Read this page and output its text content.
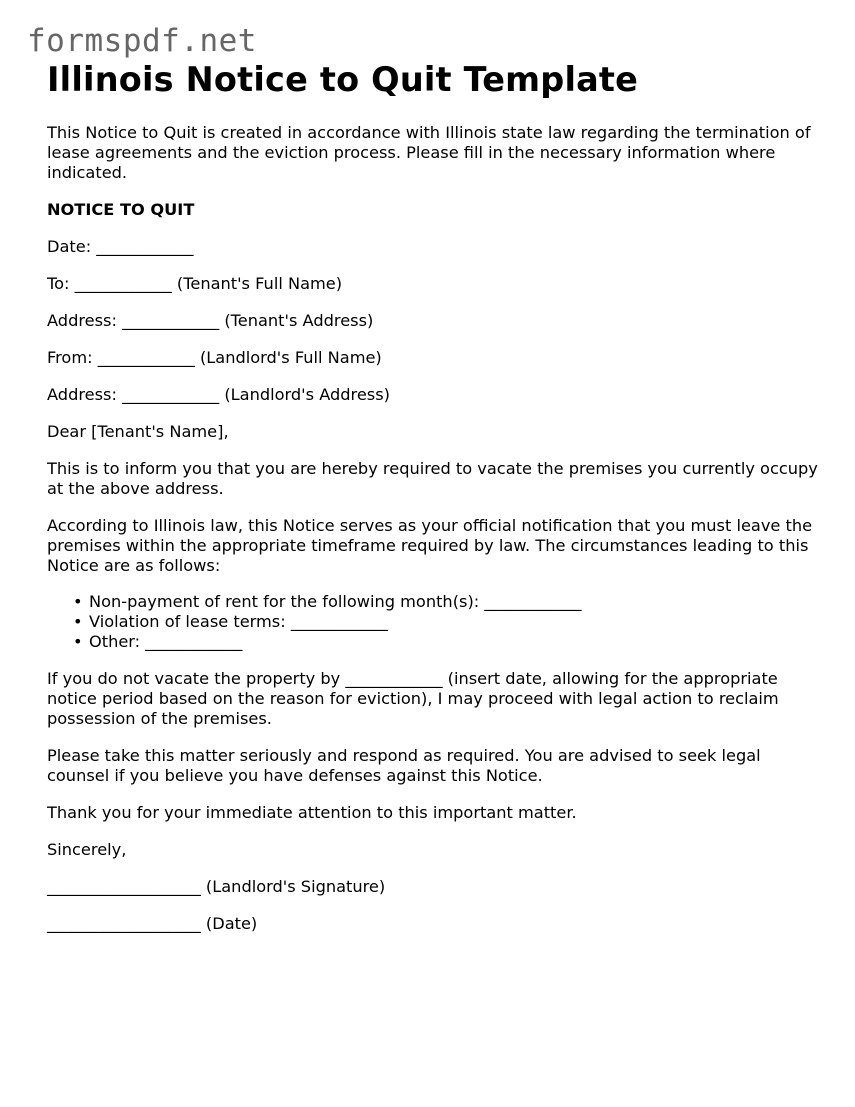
formspdf.net
Illinois Notice to Quit Template

This Notice to Quit is created in accordance with Illinois state law regarding the termination of lease agreements and the eviction process. Please fill in the necessary information where indicated.

NOTICE TO QUIT

Date: ____________

To: ____________ (Tenant's Full Name)

Address: ____________ (Tenant's Address)

From: ____________ (Landlord's Full Name)

Address: ____________ (Landlord's Address)

Dear [Tenant's Name],

This is to inform you that you are hereby required to vacate the premises you currently occupy at the above address.

According to Illinois law, this Notice serves as your official notification that you must leave the premises within the appropriate timeframe required by law. The circumstances leading to this Notice are as follows:

• Non-payment of rent for the following month(s): ____________
• Violation of lease terms: ____________
• Other: ____________

If you do not vacate the property by ____________ (insert date, allowing for the appropriate notice period based on the reason for eviction), I may proceed with legal action to reclaim possession of the premises.

Please take this matter seriously and respond as required. You are advised to seek legal counsel if you believe you have defenses against this Notice.

Thank you for your immediate attention to this important matter.

Sincerely,

___________________ (Landlord's Signature)

___________________ (Date)
